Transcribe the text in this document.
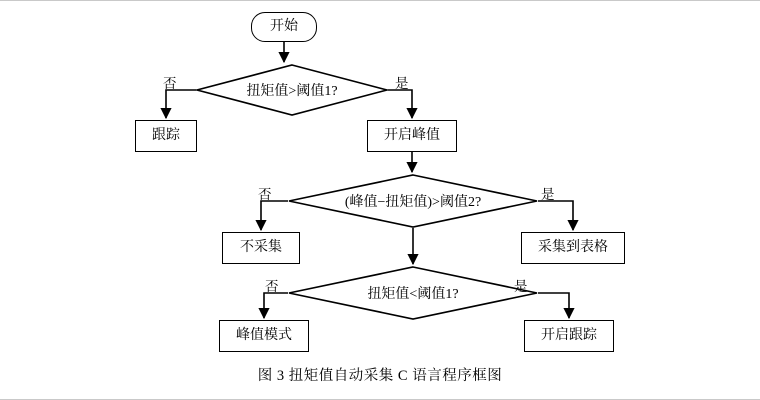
开始
扭矩值>阈值1?
跟踪	开启峰值
(峰值−扭矩值)>阈值2?
不采集	采集到表格
扭矩值<阈值1?
峰值模式	开启跟踪
否	是
否	是
否	是
图 3 扭矩值自动采集 C 语言程序框图
